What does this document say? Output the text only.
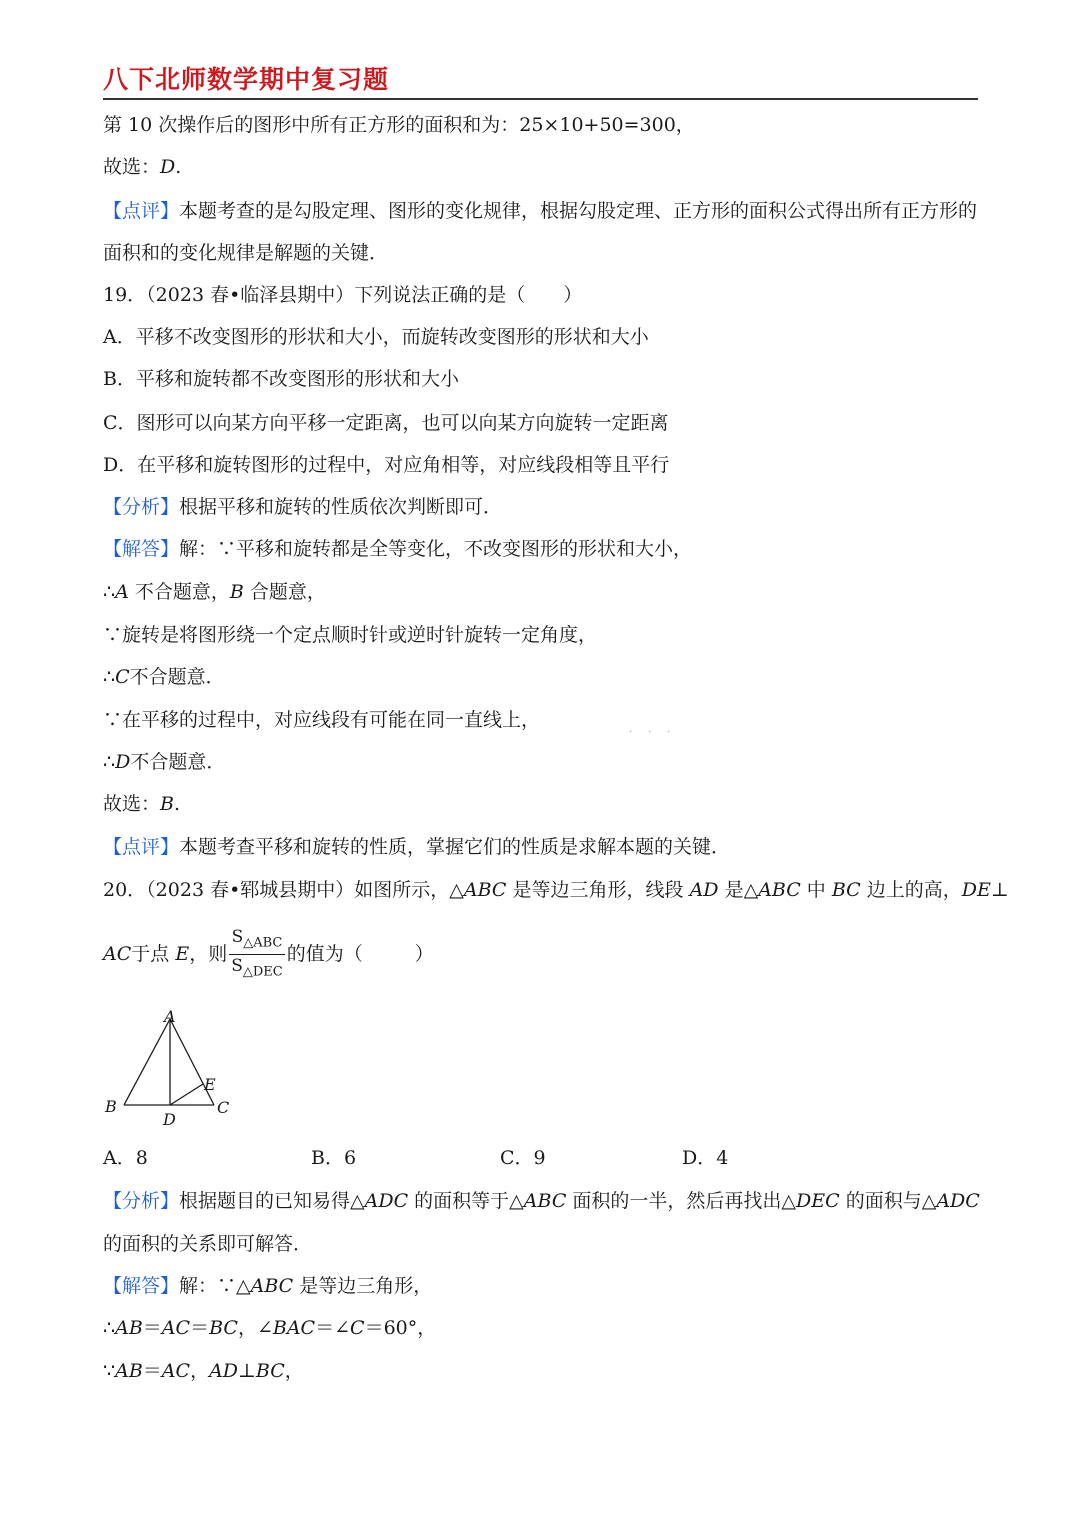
八下北师数学期中复习题
第 10 次操作后的图形中所有正方形的面积和为：25×10+50=300，
故选：D.
【点评】本题考查的是勾股定理、图形的变化规律，根据勾股定理、正方形的面积公式得出所有正方形的
面积和的变化规律是解题的关键．
19．（2023 春•临泽县期中）下列说法正确的是（　　）
A．平移不改变图形的形状和大小，而旋转改变图形的形状和大小
B．平移和旋转都不改变图形的形状和大小
C．图形可以向某方向平移一定距离，也可以向某方向旋转一定距离
D．在平移和旋转图形的过程中，对应角相等，对应线段相等且平行
【分析】根据平移和旋转的性质依次判断即可．
【解答】解：∵平移和旋转都是全等变化，不改变图形的形状和大小，
∴A 不合题意，B 合题意，
∵旋转是将图形绕一个定点顺时针或逆时针旋转一定角度，
∴C不合题意．
∵在平移的过程中，对应线段有可能在同一直线上，
···
∴D不合题意．
故选：B.
【点评】本题考查平移和旋转的性质，掌握它们的性质是求解本题的关键．
20．（2023 春•郓城县期中）如图所示，△ABC 是等边三角形，线段 AD 是△ABC 中 BC 边上的高，DE⊥
AC于点 E，则 $\frac{S_{\triangle ABC}}{S_{\triangle DEC}}$ 的值为（	）
A
B	C
D
E
A．8	B．6	C．9	D．4
【分析】根据题目的已知易得△ADC 的面积等于△ABC 面积的一半，然后再找出△DEC 的面积与△ADC
的面积的关系即可解答．
【解答】解：∵△ABC 是等边三角形，
∴AB＝AC＝BC，∠BAC＝∠C＝60°，
∵AB＝AC，AD⊥BC，
